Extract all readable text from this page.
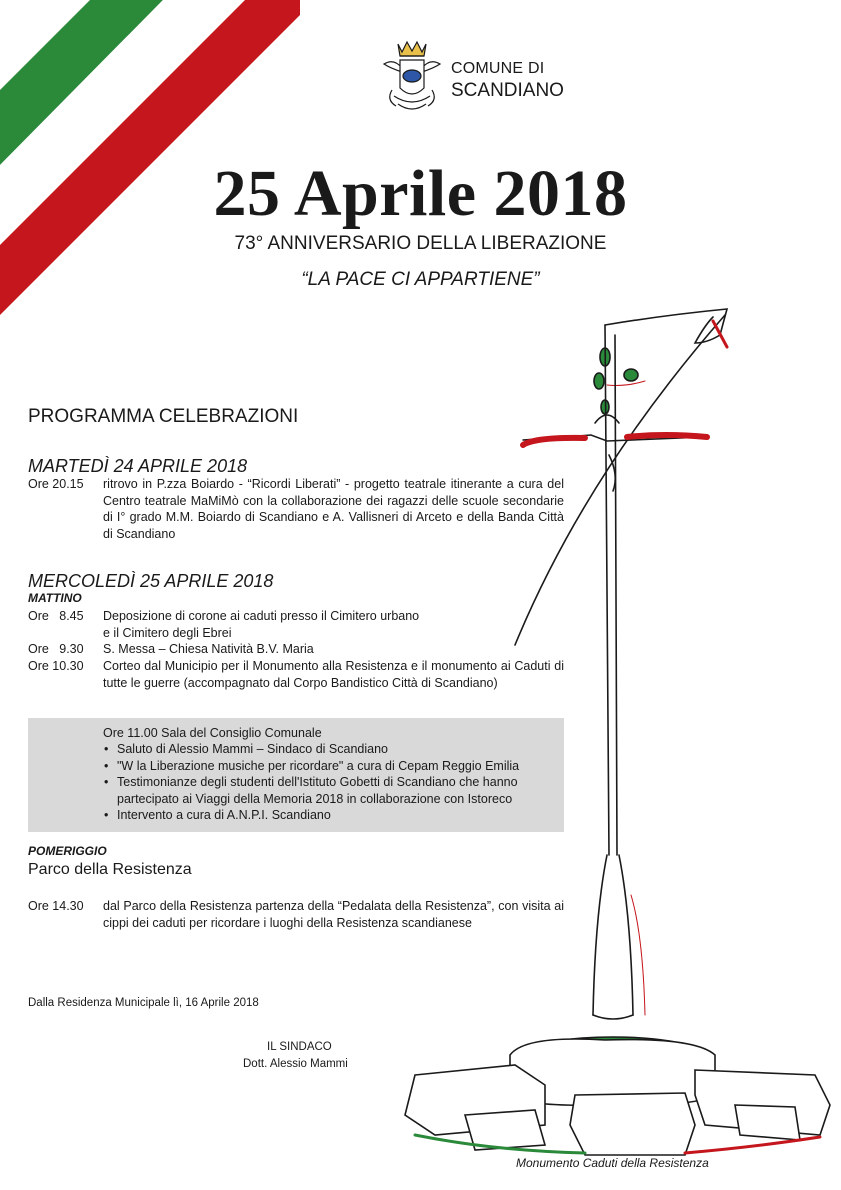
COMUNE DI
SCANDIANO
25 Aprile 2018
73° ANNIVERSARIO DELLA LIBERAZIONE
“LA PACE CI APPARTIENE”
PROGRAMMA CELEBRAZIONI
MARTEDÌ 24 APRILE 2018
Ore 20.15 ritrovo in P.zza Boiardo - “Ricordi Liberati” - progetto teatrale itinerante a cura del Centro teatrale MaMiMò con la collaborazione dei ragazzi delle scuole secondarie di I° grado M.M. Boiardo di Scandiano e A. Vallisneri di Arceto e della Banda Città di Scandiano
MERCOLEDÌ 25 APRILE 2018
MATTINO
Ore   8.45 Deposizione di corone ai caduti presso il Cimitero urbano
e il Cimitero degli Ebrei
Ore   9.30 S. Messa – Chiesa Natività B.V. Maria
Ore 10.30 Corteo dal Municipio per il Monumento alla Resistenza e il monumento ai Caduti di tutte le guerre (accompagnato dal Corpo Bandistico Città di Scandiano)
Ore 11.00 Sala del Consiglio Comunale
• Saluto di Alessio Mammi – Sindaco di Scandiano
• "W la Liberazione musiche per ricordare" a cura di Cepam Reggio Emilia
• Testimonianze degli studenti dell'Istituto Gobetti di Scandiano che hanno partecipato ai Viaggi della Memoria 2018 in collaborazione con Istoreco
• Intervento a cura di A.N.P.I. Scandiano
POMERIGGIO
Parco della Resistenza
Ore 14.30 dal Parco della Resistenza partenza della “Pedalata della Resistenza”, con visita ai cippi dei caduti per ricordare i luoghi della Resistenza scandianese
Dalla Residenza Municipale lì, 16 Aprile 2018
IL SINDACO
Dott. Alessio Mammi
Monumento Caduti della Resistenza
